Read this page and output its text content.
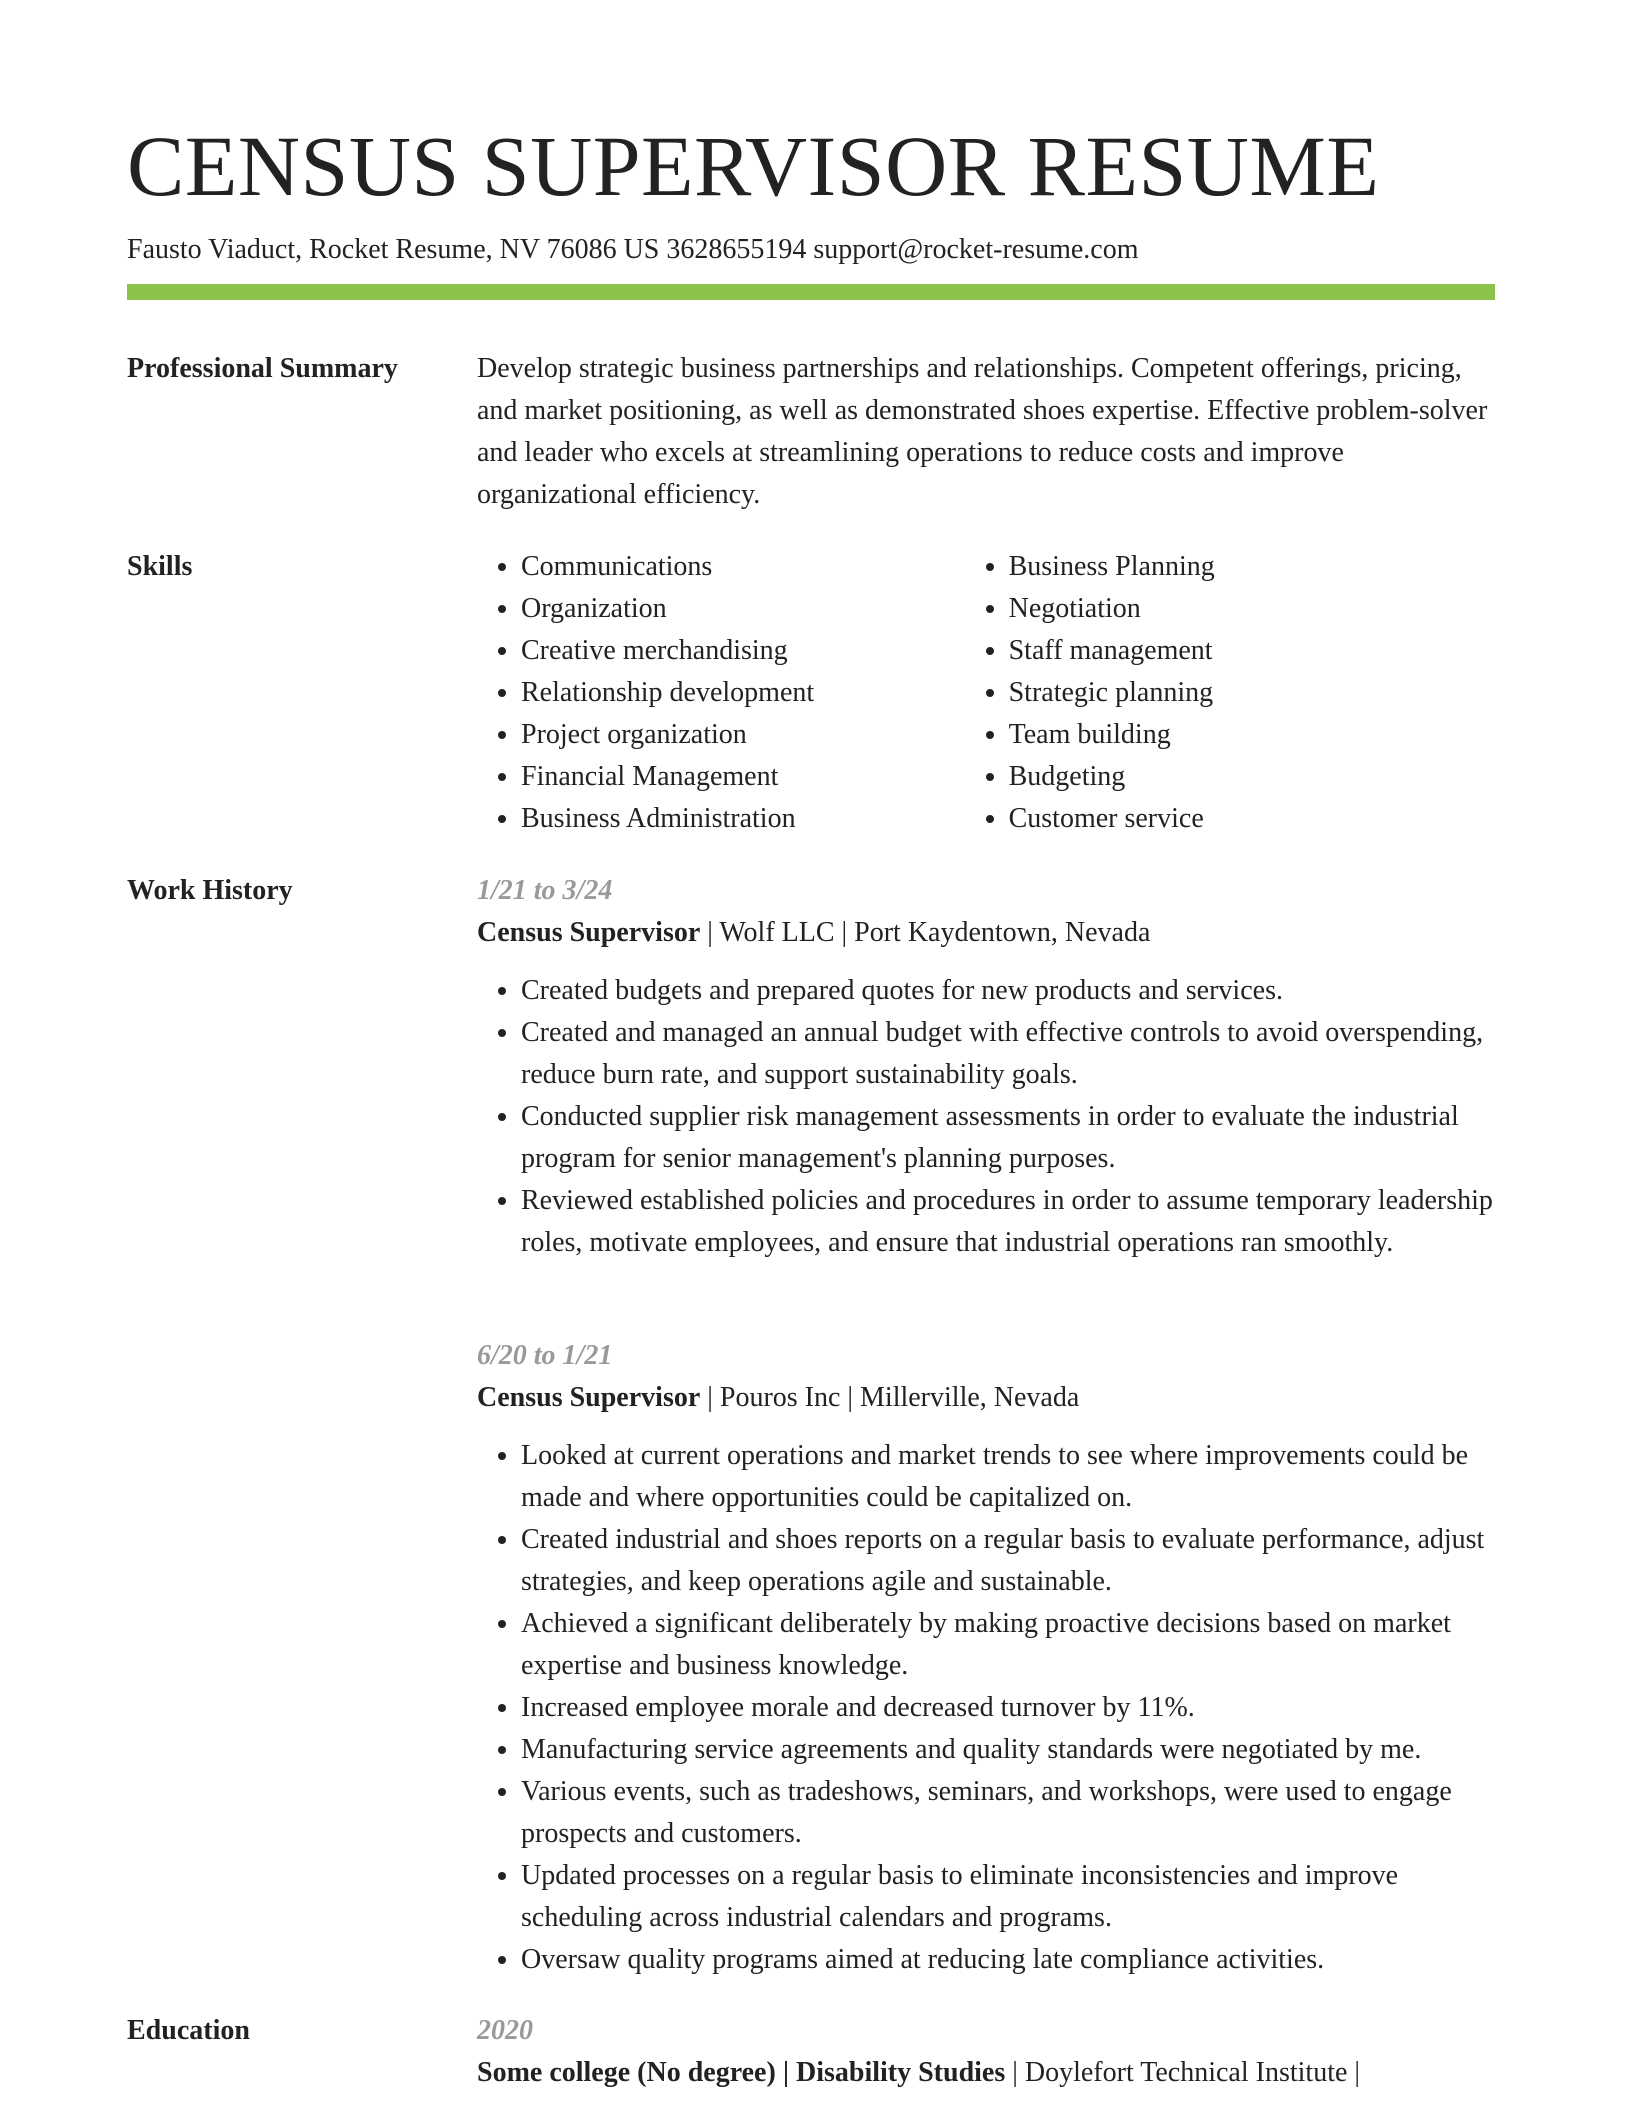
CENSUS SUPERVISOR RESUME
Fausto Viaduct, Rocket Resume, NV 76086 US 3628655194 support@rocket-resume.com
Professional Summary	Develop strategic business partnerships and relationships. Competent offerings, pricing, and market positioning, as well as demonstrated shoes expertise. Effective problem-solver and leader who excels at streamlining operations to reduce costs and improve organizational efficiency.

Skills
•	Communications
• Organization
• Creative merchandising
• Relationship development
• Project organization
• Financial Management
• Business Administration
• Business Planning
• Negotiation
• Staff management
• Strategic planning
• Team building
• Budgeting
• Customer service
Work History	1/21 to 3/24
Census Supervisor | Wolf LLC | Port Kaydentown, Nevada
• Created budgets and prepared quotes for new products and services.
• Created and managed an annual budget with effective controls to avoid overspending, reduce burn rate, and support sustainability goals.
• Conducted supplier risk management assessments in order to evaluate the industrial program for senior management's planning purposes.
• Reviewed established policies and procedures in order to assume temporary leadership roles, motivate employees, and ensure that industrial operations ran smoothly.
6/20 to 1/21
Census Supervisor | Pouros Inc | Millerville, Nevada
• Looked at current operations and market trends to see where improvements could be made and where opportunities could be capitalized on.
• Created industrial and shoes reports on a regular basis to evaluate performance, adjust strategies, and keep operations agile and sustainable.
• Achieved a significant deliberately by making proactive decisions based on market expertise and business knowledge.
• Increased employee morale and decreased turnover by 11%.
• Manufacturing service agreements and quality standards were negotiated by me.
• Various events, such as tradeshows, seminars, and workshops, were used to engage prospects and customers.
• Updated processes on a regular basis to eliminate inconsistencies and improve scheduling across industrial calendars and programs.
• Oversaw quality programs aimed at reducing late compliance activities.
Education	2020
Some college (No degree) | Disability Studies | Doylefort Technical Institute |
